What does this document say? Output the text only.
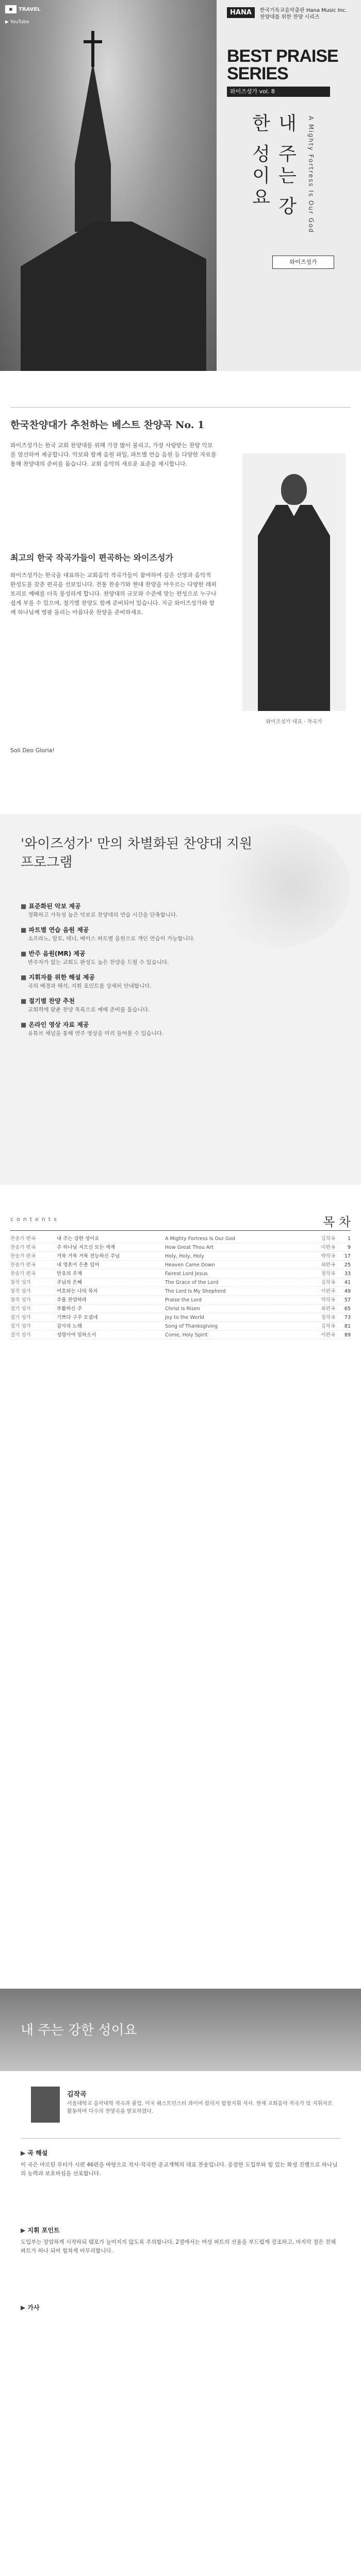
▣ TRAVEL
▶ YouTube
HANA 한국기독교음악출판 Hana Music Inc.
찬양대를 위한 찬양 시리즈
BEST PRAISE SERIES
와이즈성가 vol. 8
내 주는 강한 성이요	A Mighty Fortress Is Our God
와이즈성가
한국찬양대가 추천하는 베스트 찬양곡 No. 1
와이즈성가는 한국 교회 찬양대를 위해 가장 많이 불리고, 가장 사랑받는 찬양 악보를 엄선하여 제공합니다. 악보와 함께 음원 파일, 파트별 연습 음원 등 다양한 자료를 통해 찬양대의 준비를 돕습니다. 교회 음악의 새로운 표준을 제시합니다.
최고의 한국 작곡가들이 편곡하는 와이즈성가
와이즈성가는 한국을 대표하는 교회음악 작곡가들이 참여하여 깊은 신앙과 음악적 완성도를 갖춘 편곡을 선보입니다. 전통 찬송가와 현대 찬양을 아우르는 다양한 레퍼토리로 예배를 더욱 풍성하게 합니다. 찬양대의 규모와 수준에 맞는 편성으로 누구나 쉽게 부를 수 있으며, 절기별 찬양도 함께 준비되어 있습니다. 지금 와이즈성가와 함께 하나님께 영광 돌리는 아름다운 찬양을 준비하세요.
Soli Deo Gloria!
와이즈성가 대표 · 작곡가
'와이즈성가' 만의 차별화된 찬양대 지원 프로그램
■ 표준화된 악보 제공
정확하고 가독성 높은 악보로 찬양대의 연습 시간을 단축합니다.
■ 파트별 연습 음원 제공
소프라노, 알토, 테너, 베이스 파트별 음원으로 개인 연습이 가능합니다.
■ 반주 음원(MR) 제공
반주자가 없는 교회도 완성도 높은 찬양을 드릴 수 있습니다.
■ 지휘자를 위한 해설 제공
곡의 배경과 해석, 지휘 포인트를 상세히 안내합니다.
■ 절기별 찬양 추천
교회력에 맞춘 찬양 목록으로 예배 준비를 돕습니다.
■ 온라인 영상 자료 제공
유튜브 채널을 통해 연주 영상을 미리 들어볼 수 있습니다.
contents	목 차
찬송가 편곡	내 주는 강한 성이요	A Mighty Fortress Is Our God	김작곡	1
찬송가 편곡	주 하나님 지으신 모든 세계	How Great Thou Art	이편곡	9
찬송가 편곡	거룩 거룩 거룩 전능하신 주님	Holy, Holy, Holy	박작곡	17
찬송가 편곡	내 영혼이 은총 입어	Heaven Came Down	최편곡	25
찬송가 편곡	만유의 주재	Fairest Lord Jesus	정작곡	33
창작 성가	주님의 은혜	The Grace of the Lord	김작곡	41
창작 성가	여호와는 나의 목자	The Lord Is My Shepherd	이편곡	49
창작 성가	주를 찬양하라	Praise the Lord	박작곡	57
절기 성가	부활하신 주	Christ Is Risen	최편곡	65
절기 성가	기쁘다 구주 오셨네	Joy to the World	정작곡	73
절기 성가	감사의 노래	Song of Thanksgiving	김작곡	81
절기 성가	성령이여 임하소서	Come, Holy Spirit	이편곡	89
내 주는 강한 성이요
김작곡
서울대학교 음악대학 작곡과 졸업. 미국 웨스트민스터 콰이어 칼리지 합창지휘 석사. 현재 교회음악 작곡가 및 지휘자로 활동하며 다수의 찬양곡을 발표하였다.
▶ 곡 해설
이 곡은 마르틴 루터가 시편 46편을 바탕으로 작사·작곡한 종교개혁의 대표 찬송입니다. 웅장한 도입부와 힘 있는 화성 진행으로 하나님의 능력과 보호하심을 선포합니다.
▶ 지휘 포인트
도입부는 장엄하게 시작하되 템포가 늘어지지 않도록 주의합니다. 2절에서는 여성 파트의 선율을 부드럽게 강조하고, 마지막 절은 전체 파트가 하나 되어 힘차게 마무리합니다.
▶ 가사
